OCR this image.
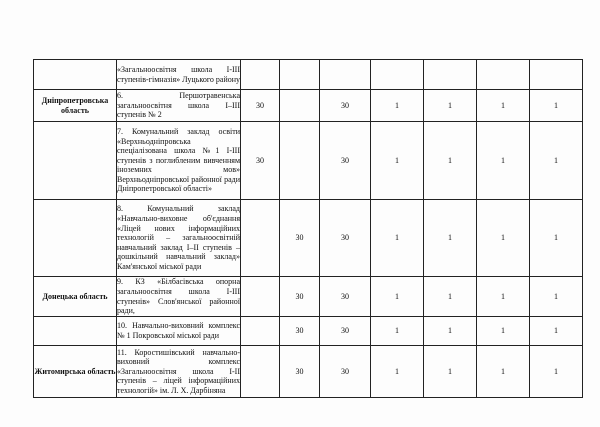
	«Загальноосвітня школа І-ІІІ ступенів-гімназія» Луцького району							
Дніпропетровська область	6. Першотравенська загальноосвітня школа І–ІІІ ступенів № 2	30		30	1	1	1	1
	7. Комунальний заклад освіти «Верхньодніпровська спеціалізована школа №1 І-ІІІ ступенів з поглибленим вивченням іноземних мов» Верхньодніпровської районної ради Дніпропетровської області»	30		30	1	1	1	1
	8. Комунальний заклад «Навчально-виховне об'єднання «Ліцей нових інформаційних технологій – загальноосвітній навчальний заклад І–ІІ ступенів – дошкільний навчальний заклад» Кам'янської міської ради		30	30	1	1	1	1
Донецька область	9. КЗ «Білбасівська опорна загальноосвітня школа І-ІІІ ступенів» Слов'янської районної ради,		30	30	1	1	1	1
	10. Навчально-виховний комплекс № 1 Покровської міської ради		30	30	1	1	1	1
Житомирська область	11. Коростишівський навчально-виховний комплекс «Загальноосвітня школа І-ІІ ступенів – ліцей інформаційних технологій» ім. Л. Х. Дарбіняна		30	30	1	1	1	1
